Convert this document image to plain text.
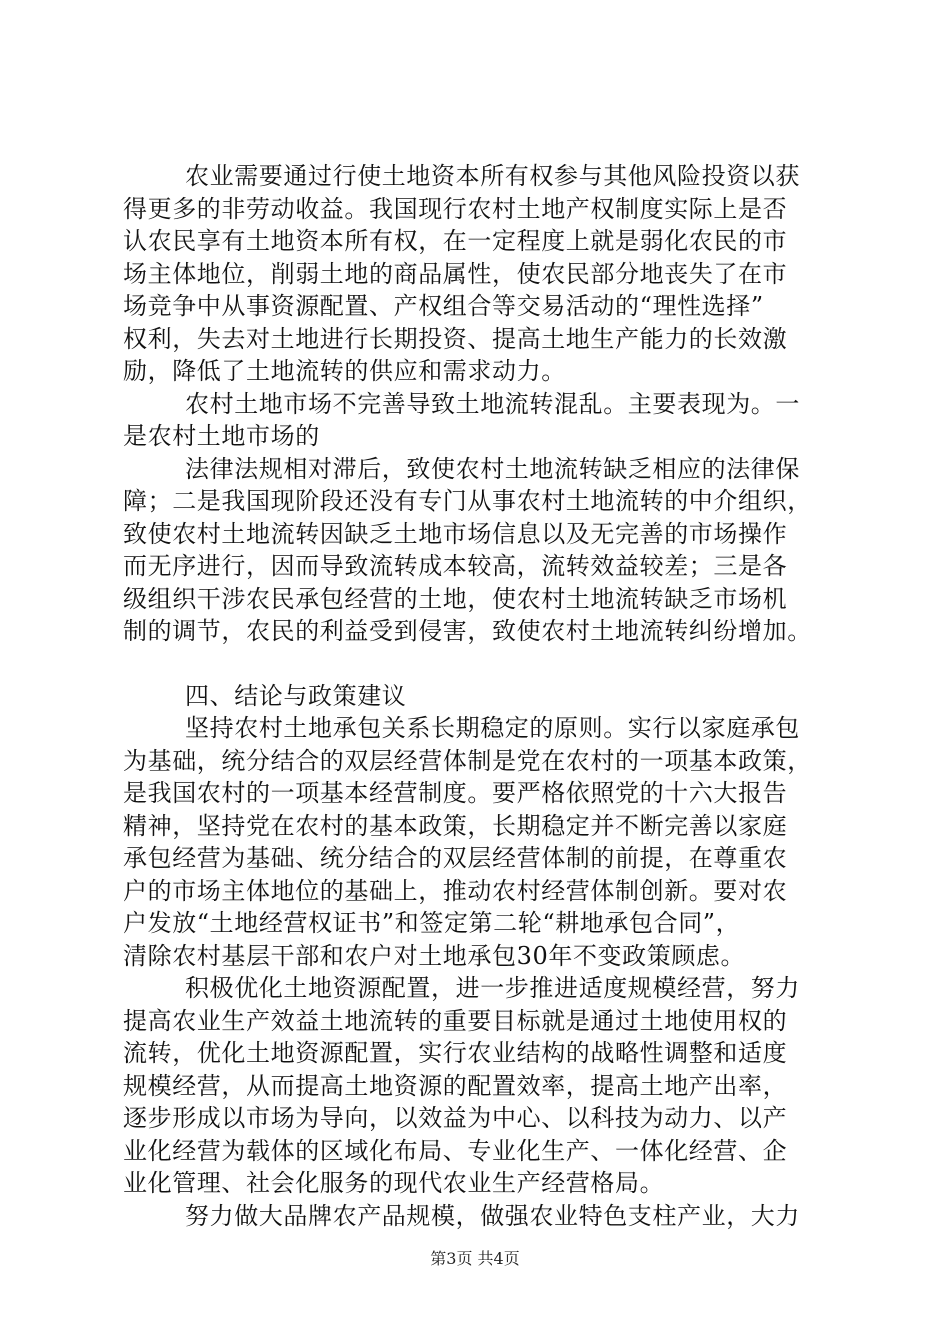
农业需要通过行使土地资本所有权参与其他风险投资以获
得更多的非劳动收益。我国现行农村土地产权制度实际上是否
认农民享有土地资本所有权，在一定程度上就是弱化农民的市
场主体地位，削弱土地的商品属性，使农民部分地丧失了在市
场竞争中从事资源配置、产权组合等交易活动的“理性选择”
权利，失去对土地进行长期投资、提高土地生产能力的长效激
励，降低了土地流转的供应和需求动力。
农村土地市场不完善导致土地流转混乱。主要表现为。一
是农村土地市场的
法律法规相对滞后，致使农村土地流转缺乏相应的法律保
障；二是我国现阶段还没有专门从事农村土地流转的中介组织，
致使农村土地流转因缺乏土地市场信息以及无完善的市场操作
而无序进行，因而导致流转成本较高，流转效益较差；三是各
级组织干涉农民承包经营的土地，使农村土地流转缺乏市场机
制的调节，农民的利益受到侵害，致使农村土地流转纠纷增加。
四、结论与政策建议
坚持农村土地承包关系长期稳定的原则。实行以家庭承包
为基础，统分结合的双层经营体制是党在农村的一项基本政策，
是我国农村的一项基本经营制度。要严格依照党的十六大报告
精神，坚持党在农村的基本政策，长期稳定并不断完善以家庭
承包经营为基础、统分结合的双层经营体制的前提，在尊重农
户的市场主体地位的基础上，推动农村经营体制创新。要对农
户发放“土地经营权证书”和签定第二轮“耕地承包合同”，
清除农村基层干部和农户对土地承包30年不变政策顾虑。
积极优化土地资源配置，进一步推进适度规模经营，努力
提高农业生产效益土地流转的重要目标就是通过土地使用权的
流转，优化土地资源配置，实行农业结构的战略性调整和适度
规模经营，从而提高土地资源的配置效率，提高土地产出率，
逐步形成以市场为导向，以效益为中心、以科技为动力、以产
业化经营为载体的区域化布局、专业化生产、一体化经营、企
业化管理、社会化服务的现代农业生产经营格局。
努力做大品牌农产品规模，做强农业特色支柱产业，大力
第3页 共4页
